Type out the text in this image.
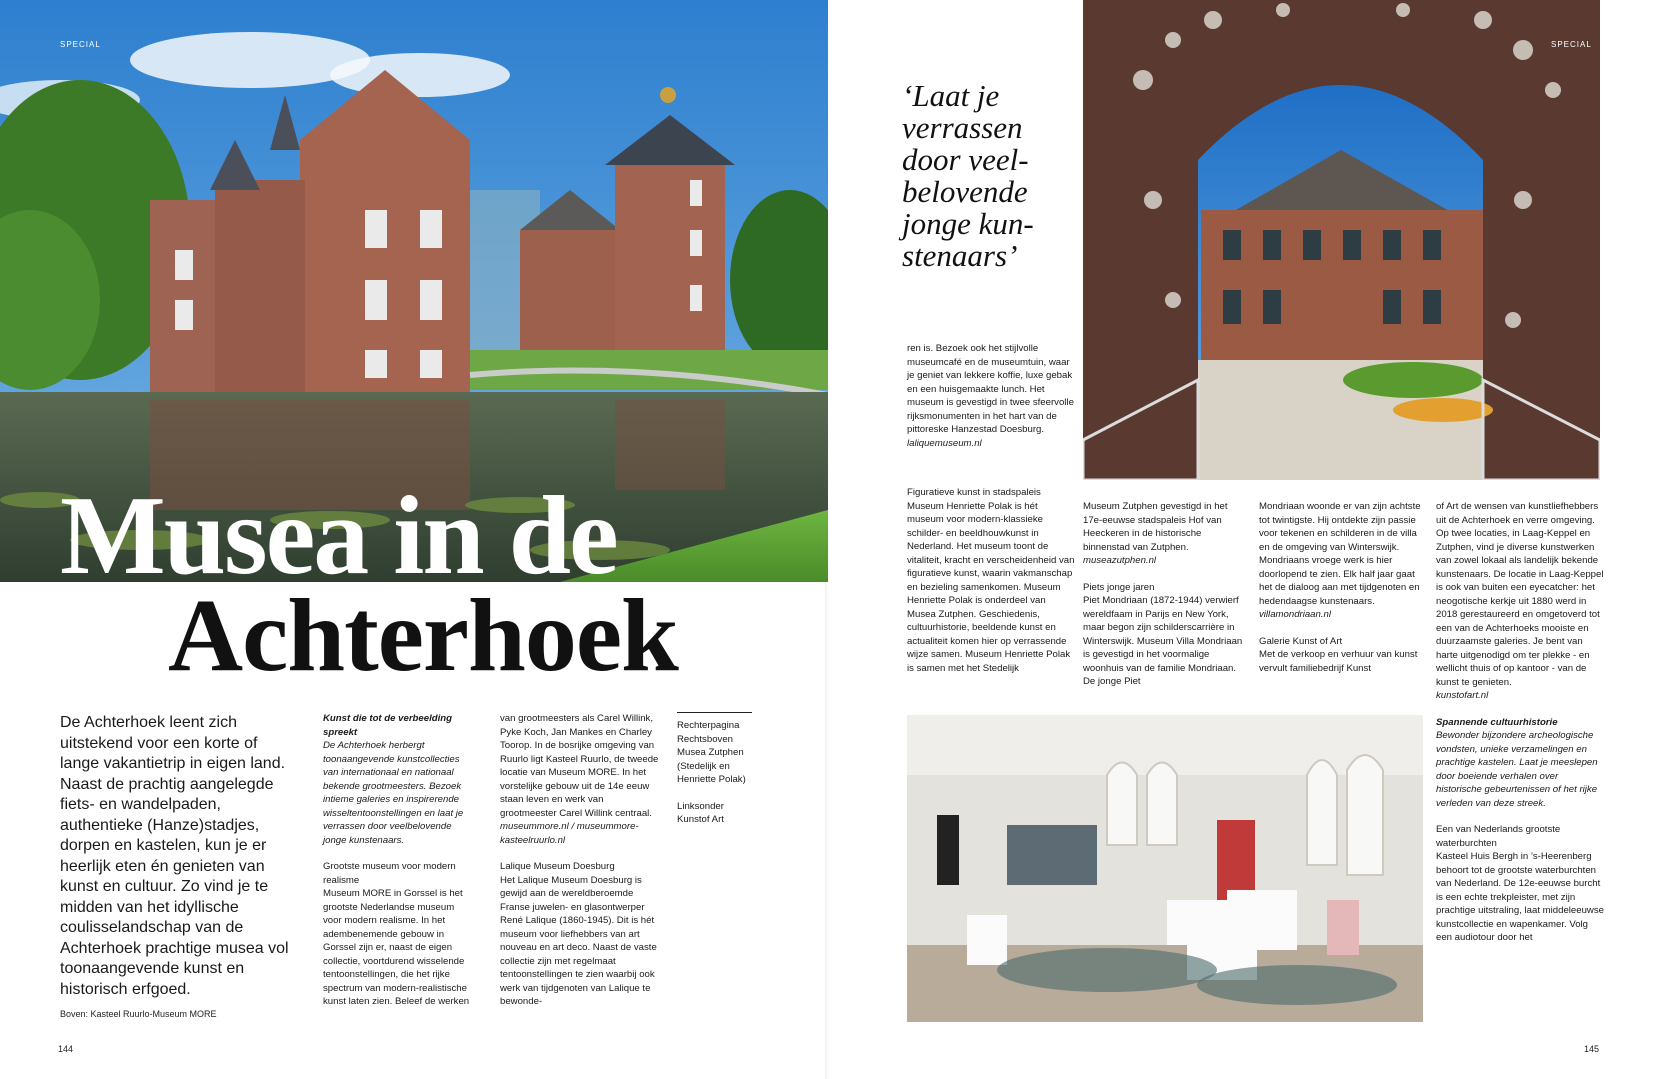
SPECIAL
Musea in de
Achterhoek
De Achterhoek leent zich uitstekend voor een korte of lange vakantietrip in eigen land. Naast de prachtig aangelegde fiets- en wandelpaden, authentieke (Hanze)stadjes, dorpen en kastelen, kun je er heerlijk eten én genieten van kunst en cultuur. Zo vind je te midden van het idyllische coulisselandschap van de Achterhoek prachtige musea vol toonaangevende kunst en historisch erfgoed.

Kunst die tot de verbeelding spreekt

De Achterhoek herbergt toonaangevende kunstcollecties van internationaal en nationaal bekende grootmeesters. Bezoek intieme galeries en inspirerende wisseltentoonstellingen en laat je verrassen door veelbelovende jonge kunstenaars.

Grootste museum voor modern realisme

Museum MORE in Gorssel is het grootste Nederlandse museum voor modern realisme. In het adembenemende gebouw in Gorssel zijn er, naast de eigen collectie, voortdurend wisselende tentoonstellingen, die het rijke spectrum van modern-realistische kunst laten zien. Beleef de werken

van grootmeesters als Carel Willink, Pyke Koch, Jan Mankes en Charley Toorop. In de bosrijke omgeving van Ruurlo ligt Kasteel Ruurlo, de tweede locatie van Museum MORE. In het vorstelijke gebouw uit de 14e eeuw staan leven en werk van grootmeester Carel Willink centraal.

museummore.nl / museummore-kasteelruurlo.nl

Lalique Museum Doesburg

Het Lalique Museum Doesburg is gewijd aan de wereldberoemde Franse juwelen- en glasontwerper René Lalique (1860-1945). Dit is hét museum voor liefhebbers van art nouveau en art deco. Naast de vaste collectie zijn met regelmaat tentoonstellingen te zien waarbij ook werk van tijdgenoten van Lalique te bewonde-

Rechterpagina Rechtsboven Musea Zutphen (Stedelijk en Henriette Polak)

Linksonder Kunstof Art

Boven: Kasteel Ruurlo-Museum MORE
144
‘Laat je verrassen door veel-belovende jonge kun-stenaars’
SPECIAL

ren is. Bezoek ook het stijlvolle museumcafé en de museumtuin, waar je geniet van lekkere koffie, luxe gebak en een huisgemaakte lunch. Het museum is gevestigd in twee sfeervolle rijksmonumenten in het hart van de pittoreske Hanzestad Doesburg.

laliquemuseum.nl

Figuratieve kunst in stadspaleis

Museum Henriette Polak is hét museum voor modern-klassieke schilder- en beeldhouwkunst in Nederland. Het museum toont de vitaliteit, kracht en verscheidenheid van figuratieve kunst, waarin vakmanschap en bezieling samenkomen. Museum Henriette Polak is onderdeel van Musea Zutphen. Geschiedenis, cultuurhistorie, beeldende kunst en actualiteit komen hier op verrassende wijze samen. Museum Henriette Polak is samen met het Stedelijk

Museum Zutphen gevestigd in het 17e-eeuwse stadspaleis Hof van Heeckeren in de historische binnenstad van Zutphen.

museazutphen.nl

Piets jonge jaren

Piet Mondriaan (1872-1944) verwierf wereldfaam in Parijs en New York, maar begon zijn schilderscarrière in Winterswijk. Museum Villa Mondriaan is gevestigd in het voormalige woonhuis van de familie Mondriaan. De jonge Piet

Mondriaan woonde er van zijn achtste tot twintigste. Hij ontdekte zijn passie voor tekenen en schilderen in de villa en de omgeving van Winterswijk. Mondriaans vroege werk is hier doorlopend te zien. Elk half jaar gaat het de dialoog aan met tijdgenoten en hedendaagse kunstenaars.

villamondriaan.nl

Galerie Kunst of Art

Met de verkoop en verhuur van kunst vervult familiebedrijf Kunst

of Art de wensen van kunstliefhebbers uit de Achterhoek en verre omgeving. Op twee locaties, in Laag-Keppel en Zutphen, vind je diverse kunstwerken van zowel lokaal als landelijk bekende kunstenaars. De locatie in Laag-Keppel is ook van buiten een eyecatcher: het neogotische kerkje uit 1880 werd in 2018 gerestaureerd en omgetoverd tot een van de Achterhoeks mooiste en duurzaamste galeries. Je bent van harte uitgenodigd om ter plekke - en wellicht thuis of op kantoor - van de kunst te genieten.

kunstofart.nl

Spannende cultuurhistorie

Bewonder bijzondere archeologische vondsten, unieke verzamelingen en prachtige kastelen. Laat je meeslepen door boeiende verhalen over historische gebeurtenissen of het rijke verleden van deze streek.

Een van Nederlands grootste waterburchten

Kasteel Huis Bergh in ’s-Heerenberg behoort tot de grootste waterburchten van Nederland. De 12e-eeuwse burcht is een echte trekpleister, met zijn prachtige uitstraling, laat middeleeuwse kunstcollectie en wapenkamer. Volg een audiotour door het

145
